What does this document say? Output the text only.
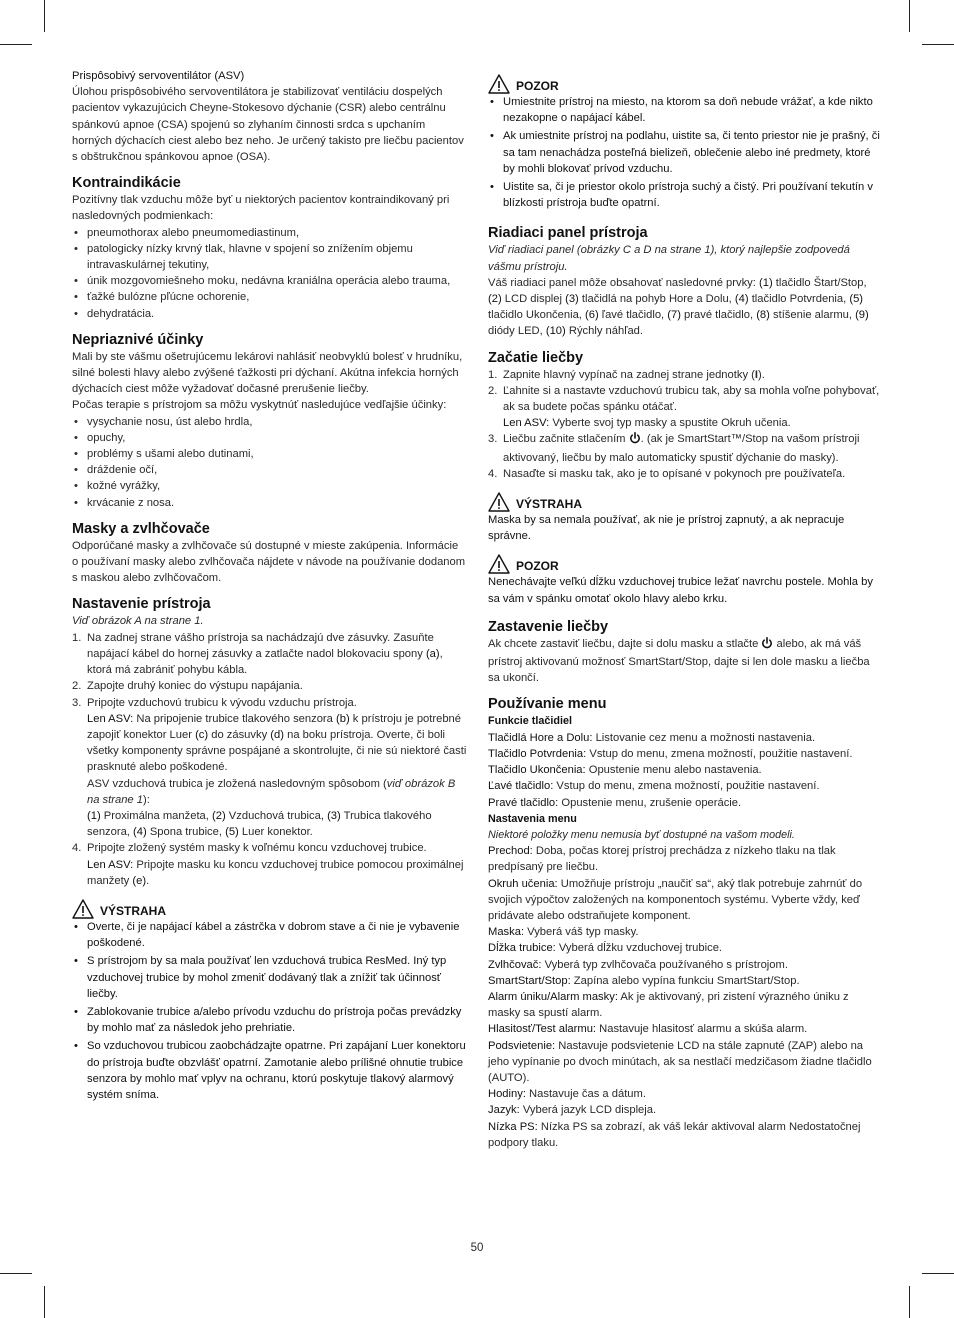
Prispôsobivý servoventilátor (ASV)

Úlohou prispôsobivého servoventilátora je stabilizovať ventiláciu dospelých pacientov vykazujúcich Cheyne-Stokesovo dýchanie (CSR) alebo centrálnu spánkovú apnoe (CSA) spojenú so zlyhaním činnosti srdca s upchaním horných dýchacích ciest alebo bez neho. Je určený takisto pre liečbu pacientov s obštrukčnou spánkovou apnoe (OSA).

Kontraindikácie

Pozitívny tlak vzduchu môže byť u niektorých pacientov kontraindikovaný pri nasledovných podmienkach:

• pneumothorax alebo pneumomediastinum,
• patologicky nízky krvný tlak, hlavne v spojení so znížením objemu intravaskulárnej tekutiny,
• únik mozgovomiešneho moku, nedávna kraniálna operácia alebo trauma,
• ťažké bulózne pľúcne ochorenie,
• dehydratácia.
Nepriaznivé účinky

Mali by ste vášmu ošetrujúcemu lekárovi nahlásiť neobvyklú bolesť v hrudníku, silné bolesti hlavy alebo zvýšené ťažkosti pri dýchaní. Akútna infekcia horných dýchacích ciest môže vyžadovať dočasné prerušenie liečby.

Počas terapie s prístrojom sa môžu vyskytnúť nasledujúce vedľajšie účinky:

• vysychanie nosu, úst alebo hrdla,
• opuchy,
• problémy s ušami alebo dutinami,
• dráždenie očí,
• kožné vyrážky,
• krvácanie z nosa.
Masky a zvlhčovače

Odporúčané masky a zvlhčovače sú dostupné v mieste zakúpenia. Informácie o používaní masky alebo zvlhčovača nájdete v návode na používanie dodanom s maskou alebo zvlhčovačom.

Nastavenie prístroja

Viď obrázok A na strane 1.

1. Na zadnej strane vášho prístroja sa nachádzajú dve zásuvky. Zasuňte napájací kábel do hornej zásuvky a zatlačte nadol blokovaciu spony (a), ktorá má zabrániť pohybu kábla.
2. Zapojte druhý koniec do výstupu napájania.
3. Pripojte vzduchovú trubicu k vývodu vzduchu prístroja.
Len ASV: Na pripojenie trubice tlakového senzora (b) k prístroju je potrebné zapojiť konektor Luer (c) do zásuvky (d) na boku prístroja. Overte, či boli všetky komponenty správne pospájané a skontrolujte, či nie sú niektoré časti prasknuté alebo poškodené.
ASV vzduchová trubica je zložená nasledovným spôsobom (viď obrázok B na strane 1):
(1) Proximálna manžeta, (2) Vzduchová trubica, (3) Trubica tlakového senzora, (4) Spona trubice, (5) Luer konektor.
4. Pripojte zložený systém masky k voľnému koncu vzduchovej trubice.
Len ASV: Pripojte masku ku koncu vzduchovej trubice pomocou proximálnej manžety (e).
VÝSTRAHA
• Overte, či je napájací kábel a zástrčka v dobrom stave a či nie je vybavenie poškodené.
• S prístrojom by sa mala používať len vzduchová trubica ResMed. Iný typ vzduchovej trubice by mohol zmeniť dodávaný tlak a znížiť tak účinnosť liečby.
• Zablokovanie trubice a/alebo prívodu vzduchu do prístroja počas prevádzky by mohlo mať za následok jeho prehriatie.
• So vzduchovou trubicou zaobchádzajte opatrne. Pri zapájaní Luer konektoru do prístroja buďte obzvlášť opatrní. Zamotanie alebo prílišné ohnutie trubice senzora by mohlo mať vplyv na ochranu, ktorú poskytuje tlakový alarmový systém sníma.
POZOR
• Umiestnite prístroj na miesto, na ktorom sa doň nebude vrážať, a kde nikto nezakopne o napájací kábel.
• Ak umiestnite prístroj na podlahu, uistite sa, či tento priestor nie je prašný, či sa tam nenachádza posteľná bielizeň, oblečenie alebo iné predmety, ktoré by mohli blokovať prívod vzduchu.
• Uistite sa, či je priestor okolo prístroja suchý a čistý. Pri používaní tekutín v blízkosti prístroja buďte opatrní.
Riadiaci panel prístroja

Viď riadiaci panel (obrázky C a D na strane 1), ktorý najlepšie zodpovedá vášmu prístroju.

Váš riadiaci panel môže obsahovať nasledovné prvky: (1) tlačidlo Štart/Stop, (2) LCD displej (3) tlačidlá na pohyb Hore a Dolu, (4) tlačidlo Potvrdenia, (5) tlačidlo Ukončenia, (6) ľavé tlačidlo, (7) pravé tlačidlo, (8) stíšenie alarmu, (9) diódy LED, (10) Rýchly náhľad.

Začatie liečby
1. Zapnite hlavný vypínač na zadnej strane jednotky (I).
2. Ľahnite si a nastavte vzduchovú trubicu tak, aby sa mohla voľne pohybovať, ak sa budete počas spánku otáčať.
Len ASV: Vyberte svoj typ masky a spustite Okruh učenia.
3. Liečbu začnite stlačením . (ak je SmartStart™/Stop na vašom prístroji aktivovaný, liečbu by malo automaticky spustiť dýchanie do masky).
4. Nasaďte si masku tak, ako je to opísané v pokynoch pre používateľa.
VÝSTRAHA

Maska by sa nemala používať, ak nie je prístroj zapnutý, a ak nepracuje správne.

POZOR

Nenechávajte veľkú dĺžku vzduchovej trubice ležať navrchu postele. Mohla by sa vám v spánku omotať okolo hlavy alebo krku.

Zastavenie liečby

Ak chcete zastaviť liečbu, dajte si dolu masku a stlačte  alebo, ak má váš prístroj aktivovanú možnosť SmartStart/Stop, dajte si len dole masku a liečba sa ukončí.

Používanie menu

Funkcie tlačidiel

Tlačidlá Hore a Dolu: Listovanie cez menu a možnosti nastavenia.

Tlačidlo Potvrdenia: Vstup do menu, zmena možností, použitie nastavení.

Tlačidlo Ukončenia: Opustenie menu alebo nastavenia.

Ľavé tlačidlo: Vstup do menu, zmena možností, použitie nastavení.

Pravé tlačidlo: Opustenie menu, zrušenie operácie.

Nastavenia menu

Niektoré položky menu nemusia byť dostupné na vašom modeli.

Prechod: Doba, počas ktorej prístroj prechádza z nízkeho tlaku na tlak predpísaný pre liečbu.

Okruh učenia: Umožňuje prístroju „naučiť sa“, aký tlak potrebuje zahrnúť do svojich výpočtov založených na komponentoch systému. Vyberte vždy, keď pridávate alebo odstraňujete komponent.

Maska: Vyberá váš typ masky.

Dĺžka trubice: Vyberá dĺžku vzduchovej trubice.

Zvlhčovač: Vyberá typ zvlhčovača používaného s prístrojom.

SmartStart/Stop: Zapína alebo vypína funkciu SmartStart/Stop.

Alarm úniku/Alarm masky: Ak je aktivovaný, pri zistení výrazného úniku z masky sa spustí alarm.

Hlasitosť/Test alarmu: Nastavuje hlasitosť alarmu a skúša alarm.

Podsvietenie: Nastavuje podsvietenie LCD na stále zapnuté (ZAP) alebo na jeho vypínanie po dvoch minútach, ak sa nestlačí medzičasom žiadne tlačidlo (AUTO).

Hodiny: Nastavuje čas a dátum.

Jazyk: Vyberá jazyk LCD displeja.

Nízka PS: Nízka PS sa zobrazí, ak váš lekár aktivoval alarm Nedostatočnej podpory tlaku.

50
